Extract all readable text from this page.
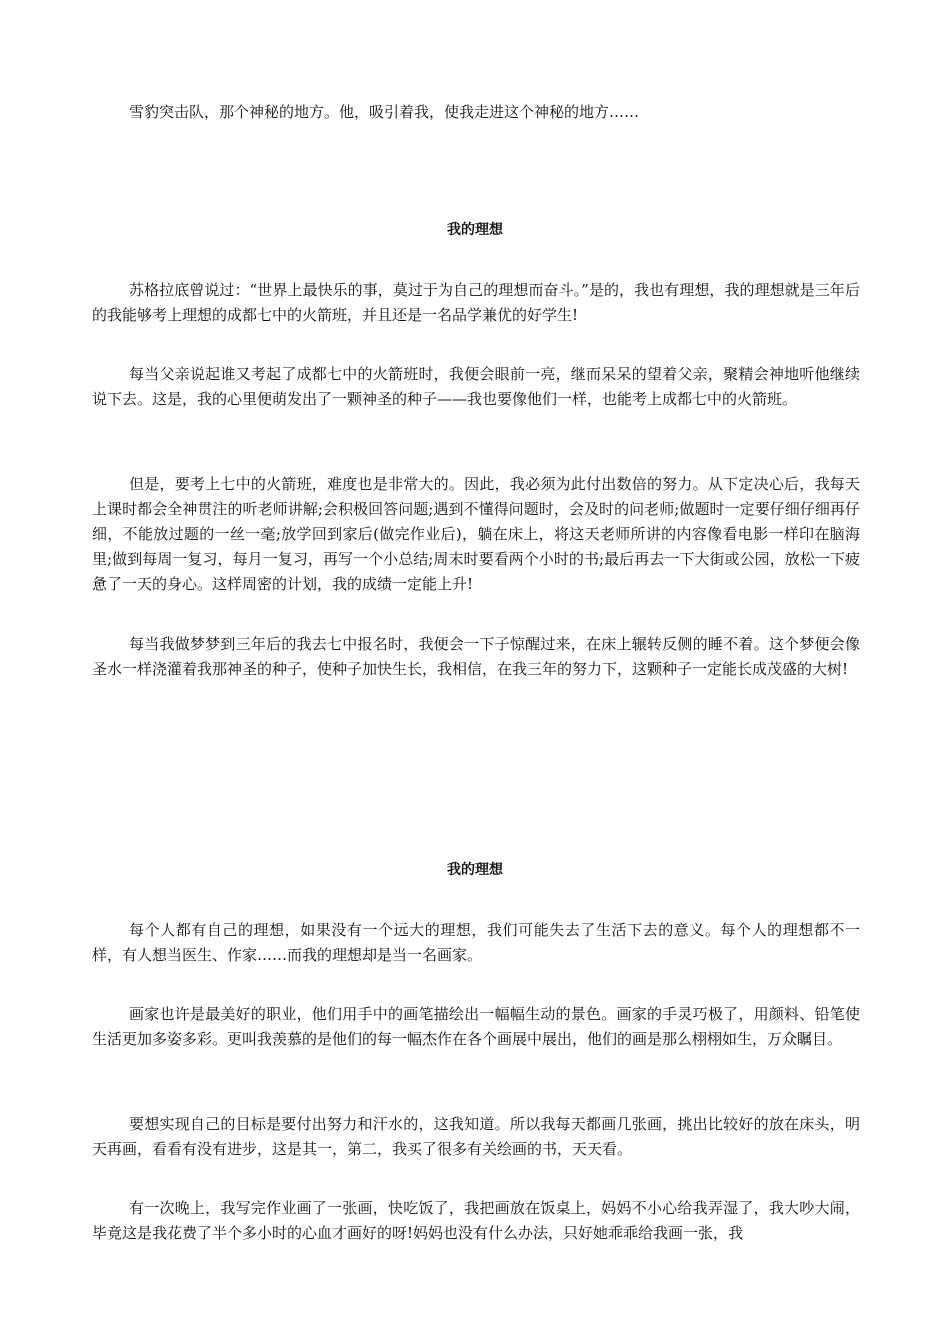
雪豹突击队，那个神秘的地方。他，吸引着我，使我走进这个神秘的地方……

我的理想

苏格拉底曾说过：“世界上最快乐的事，莫过于为自己的理想而奋斗。”是的，我也有理想，我的理想就是三年后的我能够考上理想的成都七中的火箭班，并且还是一名品学兼优的好学生!

每当父亲说起谁又考起了成都七中的火箭班时，我便会眼前一亮，继而呆呆的望着父亲，聚精会神地听他继续说下去。这是，我的心里便萌发出了一颗神圣的种子——我也要像他们一样，也能考上成都七中的火箭班。

但是，要考上七中的火箭班，难度也是非常大的。因此，我必须为此付出数倍的努力。从下定决心后，我每天上课时都会全神贯注的听老师讲解;会积极回答问题;遇到不懂得问题时，会及时的问老师;做题时一定要仔细仔细再仔细，不能放过题的一丝一毫;放学回到家后(做完作业后)，躺在床上，将这天老师所讲的内容像看电影一样印在脑海里;做到每周一复习，每月一复习，再写一个小总结;周末时要看两个小时的书;最后再去一下大街或公园，放松一下疲惫了一天的身心。这样周密的计划，我的成绩一定能上升!

每当我做梦梦到三年后的我去七中报名时，我便会一下子惊醒过来，在床上辗转反侧的睡不着。这个梦便会像圣水一样浇灌着我那神圣的种子，使种子加快生长，我相信，在我三年的努力下，这颗种子一定能长成茂盛的大树!

我的理想

每个人都有自己的理想，如果没有一个远大的理想，我们可能失去了生活下去的意义。每个人的理想都不一样，有人想当医生、作家……而我的理想却是当一名画家。

画家也许是最美好的职业，他们用手中的画笔描绘出一幅幅生动的景色。画家的手灵巧极了，用颜料、铅笔使生活更加多姿多彩。更叫我羡慕的是他们的每一幅杰作在各个画展中展出，他们的画是那么栩栩如生，万众瞩目。

要想实现自己的目标是要付出努力和汗水的，这我知道。所以我每天都画几张画，挑出比较好的放在床头，明天再画，看看有没有进步，这是其一，第二，我买了很多有关绘画的书，天天看。

有一次晚上，我写完作业画了一张画，快吃饭了，我把画放在饭桌上，妈妈不小心给我弄湿了，我大吵大闹，毕竟这是我花费了半个多小时的心血才画好的呀!妈妈也没有什么办法，只好她乖乖给我画一张，我
